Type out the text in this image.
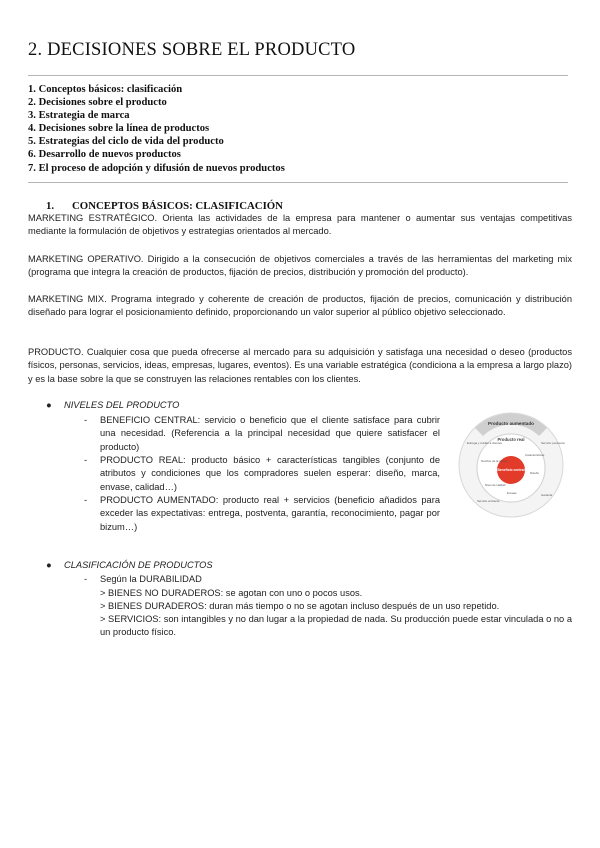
2. DECISIONES SOBRE EL PRODUCTO
1. Conceptos básicos: clasificación
2. Decisiones sobre el producto
3. Estrategia de marca
4. Decisiones sobre la línea de productos
5. Estrategias del ciclo de vida del producto
6. Desarrollo de nuevos productos
7. El proceso de adopción y difusión de nuevos productos
1. CONCEPTOS BÁSICOS: CLASIFICACIÓN
MARKETING ESTRATÉGICO. Orienta las actividades de la empresa para mantener o aumentar sus ventajas competitivas mediante la formulación de objetivos y estrategias orientados al mercado.
MARKETING OPERATIVO. Dirigido a la consecución de objetivos comerciales a través de las herramientas del marketing mix (programa que integra la creación de productos, fijación de precios, distribución y promoción del producto).
MARKETING MIX. Programa integrado y coherente de creación de productos, fijación de precios, comunicación y distribución diseñado para lograr el posicionamiento definido, proporcionando un valor superior al público objetivo seleccionado.
PRODUCTO. Cualquier cosa que pueda ofrecerse al mercado para su adquisición y satisfaga una necesidad o deseo (productos físicos, personas, servicios, ideas, empresas, lugares, eventos). Es una variable estratégica (condiciona a la empresa a largo plazo) y es la base sobre la que se construyen las relaciones rentables con los clientes.
● NIVELES DEL PRODUCTO
- BENEFICIO CENTRAL: servicio o beneficio que el cliente satisface para cubrir una necesidad. (Referencia a la principal necesidad que quiere satisfacer el producto)
- PRODUCTO REAL: producto básico + características tangibles (conjunto de atributos y condiciones que los compradores suelen esperar: diseño, marca, envase, calidad…)
- PRODUCTO AUMENTADO: producto real + servicios (beneficio añadidos para exceder las expectativas: entrega, postventa, garantía, reconocimiento, pagar por bizum…)
Producto aumentado
Producto real
Beneficio central
Entrega y crédito a clientes	Servicio postventa
Garantía
Servicio al cliente
Nombre de la marca
Características
Diseño
Nivel de calidad
Envase
● CLASIFICACIÓN DE PRODUCTOS
- Según la DURABILIDAD
> BIENES NO DURADEROS: se agotan con uno o pocos usos.
> BIENES DURADEROS: duran más tiempo o no se agotan incluso después de un uso repetido.
> SERVICIOS: son intangibles y no dan lugar a la propiedad de nada. Su producción puede estar vinculada o no a un producto físico.
